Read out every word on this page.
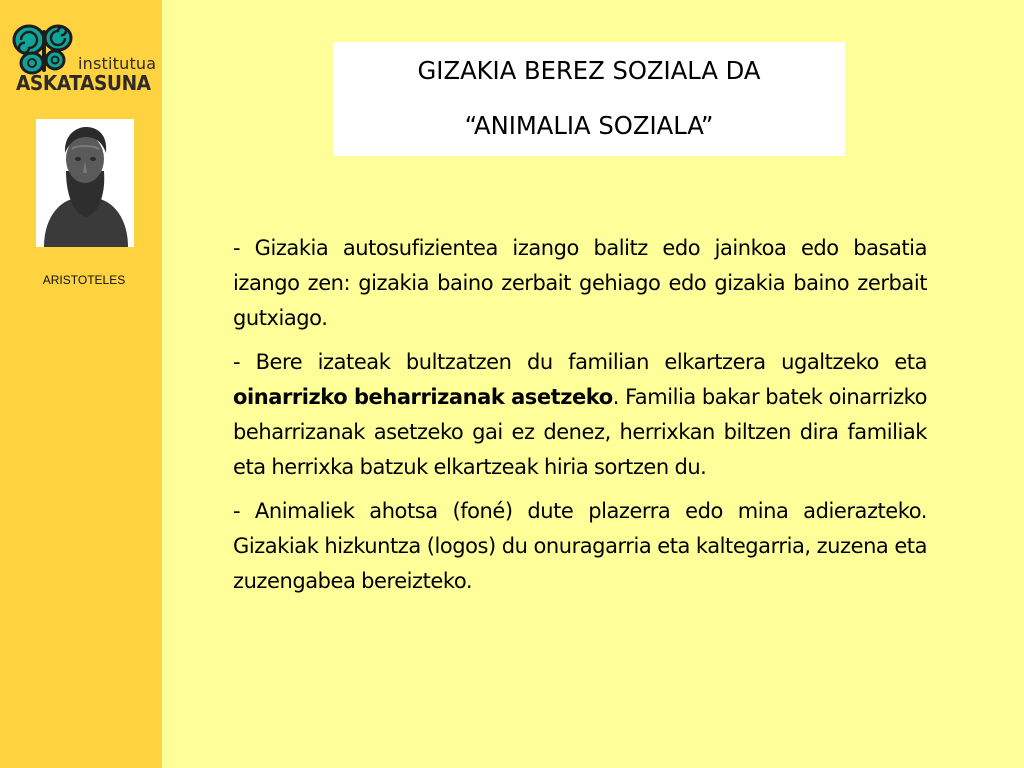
institutua
ASKATASUNA
ARISTOTELES
GIZAKIA BEREZ SOZIALA DA
“ANIMALIA SOZIALA”

- Gizakia autosufizientea izango balitz edo jainkoa edo basatia izango zen: gizakia baino zerbait gehiago edo gizakia baino zerbait gutxiago.

- Bere izateak bultzatzen du familian elkartzera ugaltzeko eta oinarrizko beharrizanak asetzeko. Familia bakar batek oinarrizko beharrizanak asetzeko gai ez denez, herrixkan biltzen dira familiak eta herrixka batzuk elkartzeak hiria sortzen du.

- Animaliek ahotsa (foné) dute plazerra edo mina adierazteko. Gizakiak hizkuntza (logos) du onuragarria eta kaltegarria, zuzena eta zuzengabea bereizteko.
